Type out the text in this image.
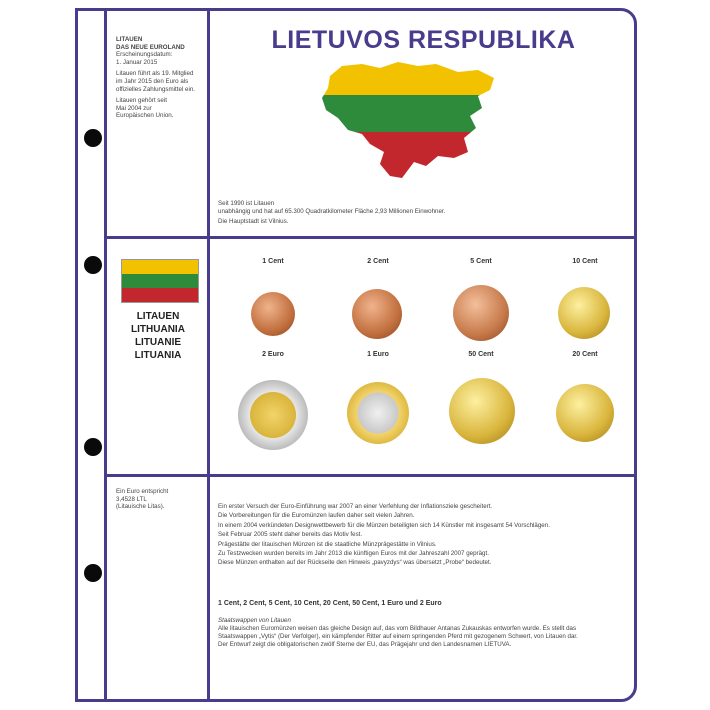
LITAUEN
DAS NEUE EUROLAND
Erscheinungsdatum:
1. Januar 2015
Litauen führt als 19. Mitglied
im Jahr 2015 den Euro als
offizielles Zahlungsmittel ein.
Litauen gehört seit
Mai 2004 zur
Europäischen Union.
LIETUVOS RESPUBLIKA
Seit 1990 ist Litauen
unabhängig und hat auf 65.300 Quadratkilometer Fläche 2,93 Millionen Einwohner.
Die Hauptstadt ist Vilnius.
LITAUEN
LITHUANIA
LITUANIE
LITUANIA
1 Cent	2 Cent	5 Cent	10 Cent
2 Euro	1 Euro	50 Cent	20 Cent
Ein Euro entspricht
3,4528 LTL
(Litauische Litas).	Ein erster Versuch der Euro-Einführung war 2007 an einer Verfehlung der Inflationsziele gescheitert.
Die Vorbereitungen für die Euromünzen laufen daher seit vielen Jahren.
In einem 2004 verkündeten Designwettbewerb für die Münzen beteiligten sich 14 Künstler mit insgesamt 54 Vorschlägen.
Seit Februar 2005 steht daher bereits das Motiv fest.
Prägestätte der litauischen Münzen ist die staatliche Münzprägestätte in Vilnius.
Zu Testzwecken wurden bereits im Jahr 2013 die künftigen Euros mit der Jahreszahl 2007 geprägt.
Diese Münzen enthalten auf der Rückseite den Hinweis „pavyzdys“ was übersetzt „Probe“ bedeutet.
1 Cent, 2 Cent, 5 Cent, 10 Cent, 20 Cent, 50 Cent, 1 Euro und 2 Euro
Staatswappen von Litauen
Alle litauischen Euromünzen weisen das gleiche Design auf, das vom Bildhauer Antanas Zukauskas entworfen wurde. Es stellt das
Staatswappen „Vytis“ (Der Verfolger), ein kämpfender Ritter auf einem springenden Pferd mit gezogenem Schwert, von Litauen dar.
Der Entwurf zeigt die obligatorischen zwölf Sterne der EU, das Prägejahr und den Landesnamen LIETUVA.
